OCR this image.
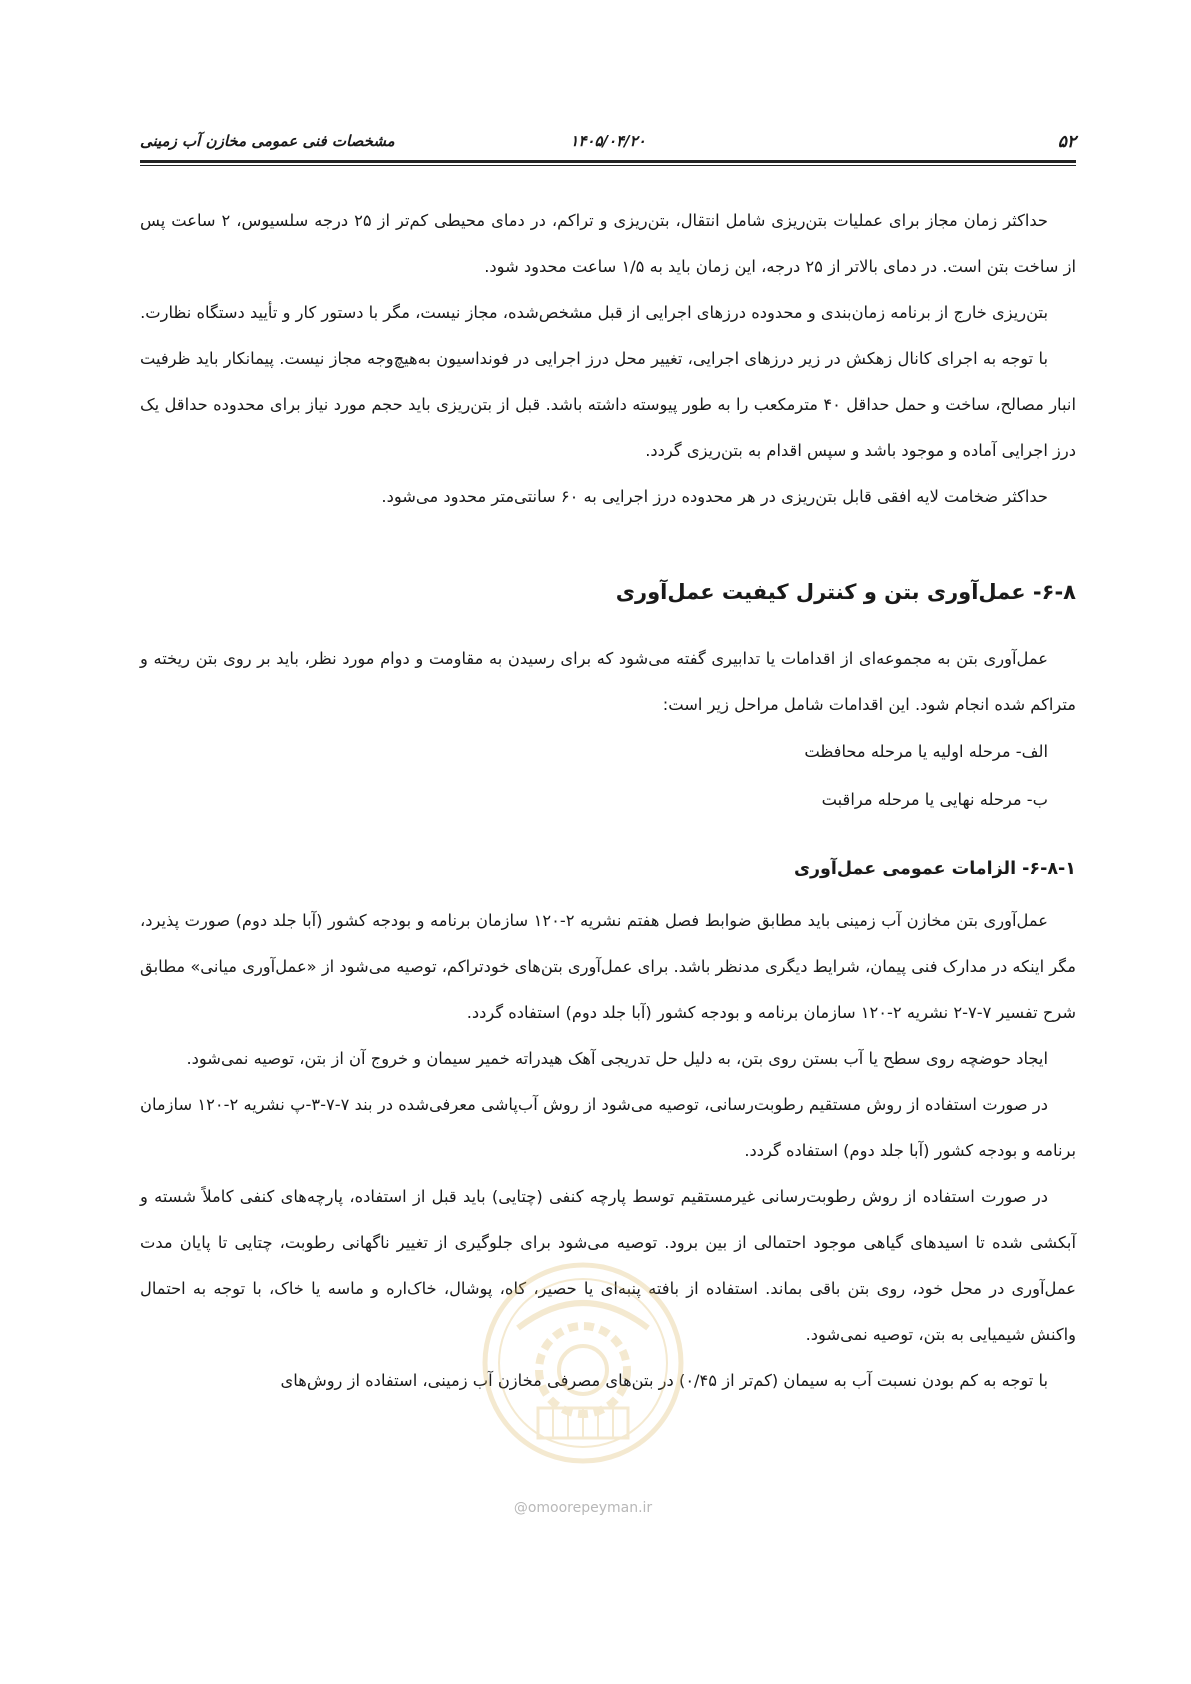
۵۲
۱۴۰۵/۰۴/۲۰
مشخصات فنی عمومی مخازن آب زمینی

حداکثر زمان مجاز برای عملیات بتن‌ریزی شامل انتقال، بتن‌ریزی و تراکم، در دمای محیطی کم‌تر از ۲۵ درجه سلسیوس، ۲ ساعت پس از ساخت بتن است. در دمای بالاتر از ۲۵ درجه، این زمان باید به ۱/۵ ساعت محدود شود.

بتن‌ریزی خارج از برنامه زمان‌بندی و محدوده درزهای اجرایی از قبل مشخص‌شده، مجاز نیست، مگر با دستور کار و تأیید دستگاه نظارت.

با توجه به اجرای کانال زهکش در زیر درزهای اجرایی، تغییر محل درز اجرایی در فونداسیون به‌هیچ‌وجه مجاز نیست. پیمانکار باید ظرفیت انبار مصالح، ساخت و حمل حداقل ۴۰ مترمکعب را به طور پیوسته داشته باشد. قبل از بتن‌ریزی باید حجم مورد نیاز برای محدوده حداقل یک درز اجرایی آماده و موجود باشد و سپس اقدام به بتن‌ریزی گردد.

حداکثر ضخامت لایه افقی قابل بتن‌ریزی در هر محدوده درز اجرایی به ۶۰ سانتی‌متر محدود می‌شود.

۶-۸- عمل‌آوری بتن و کنترل کیفیت عمل‌آوری

عمل‌آوری بتن به مجموعه‌ای از اقدامات یا تدابیری گفته می‌شود که برای رسیدن به مقاومت و دوام مورد نظر، باید بر روی بتن ریخته و متراکم شده انجام شود. این اقدامات شامل مراحل زیر است:

الف- مرحله اولیه یا مرحله محافظت
ب- مرحله نهایی یا مرحله مراقبت
۶-۸-۱- الزامات عمومی عمل‌آوری

عمل‌آوری بتن مخازن آب زمینی باید مطابق ضوابط فصل هفتم نشریه ۲-۱۲۰ سازمان برنامه و بودجه کشور (آبا جلد دوم) صورت پذیرد، مگر اینکه در مدارک فنی پیمان، شرایط دیگری مدنظر باشد. برای عمل‌آوری بتن‌های خودتراکم، توصیه می‌شود از «عمل‌آوری میانی» مطابق شرح تفسیر ۷-۷-۲ نشریه ۲-۱۲۰ سازمان برنامه و بودجه کشور (آبا جلد دوم) استفاده گردد.

ایجاد حوضچه روی سطح یا آب بستن روی بتن، به دلیل حل تدریجی آهک هیدراته خمیر سیمان و خروج آن از بتن، توصیه نمی‌شود.

در صورت استفاده از روش مستقیم رطوبت‌رسانی، توصیه می‌شود از روش آب‌پاشی معرفی‌شده در بند ۷-۷-۳-پ نشریه ۲-۱۲۰ سازمان برنامه و بودجه کشور (آبا جلد دوم) استفاده گردد.

در صورت استفاده از روش رطوبت‌رسانی غیرمستقیم توسط پارچه کنفی (چتایی) باید قبل از استفاده، پارچه‌های کنفی کاملاً شسته و آبکشی شده تا اسیدهای گیاهی موجود احتمالی از بین برود. توصیه می‌شود برای جلوگیری از تغییر ناگهانی رطوبت، چتایی تا پایان مدت عمل‌آوری در محل خود، روی بتن باقی بماند. استفاده از بافته پنبه‌ای یا حصیر، کاه، پوشال، خاک‌اره و ماسه یا خاک، با توجه به احتمال واکنش شیمیایی به بتن، توصیه نمی‌شود.

با توجه به کم بودن نسبت آب به سیمان (کم‌تر از ۰/۴۵) در بتن‌های مصرفی مخازن آب زمینی، استفاده از روش‌های

@omoorepeyman.ir
